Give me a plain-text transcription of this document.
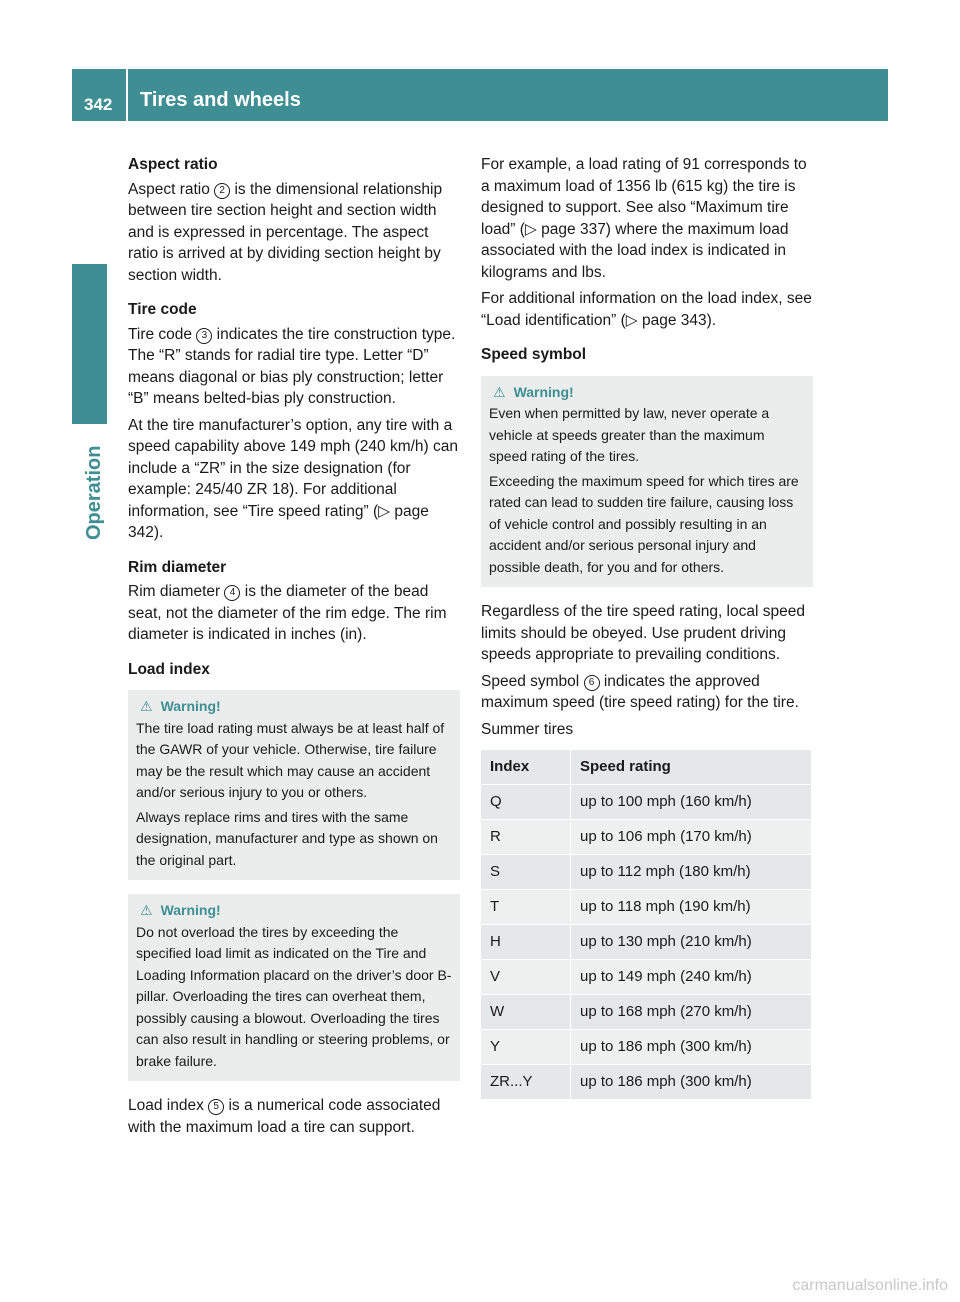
342 Tires and wheels
Operation

Aspect ratio

Aspect ratio 2 is the dimensional relationship between tire section height and section width and is expressed in percentage. The aspect ratio is arrived at by dividing section height by section width.

Tire code

Tire code 3 indicates the tire construction type. The “R” stands for radial tire type. Letter “D” means diagonal or bias ply construction; letter “B” means belted-bias ply construction.

At the tire manufacturer’s option, any tire with a speed capability above 149 mph (240 km/h) can include a “ZR” in the size designation (for example: 245/40 ZR 18). For additional information, see “Tire speed rating” (▷ page 342).

Rim diameter

Rim diameter 4 is the diameter of the bead seat, not the diameter of the rim edge. The rim diameter is indicated in inches (in).

Load index

⚠ Warning!

The tire load rating must always be at least half of the GAWR of your vehicle. Otherwise, tire failure may be the result which may cause an accident and/or serious injury to you or others.

Always replace rims and tires with the same designation, manufacturer and type as shown on the original part.

⚠ Warning!

Do not overload the tires by exceeding the specified load limit as indicated on the Tire and Loading Information placard on the driver’s door B-pillar. Overloading the tires can overheat them, possibly causing a blowout. Overloading the tires can also result in handling or steering problems, or brake failure.

Load index 5 is a numerical code associated with the maximum load a tire can support.

For example, a load rating of 91 corresponds to a maximum load of 1356 lb (615 kg) the tire is designed to support. See also “Maximum tire load” (▷ page 337) where the maximum load associated with the load index is indicated in kilograms and lbs.

For additional information on the load index, see “Load identification” (▷ page 343).

Speed symbol

⚠ Warning!

Even when permitted by law, never operate a vehicle at speeds greater than the maximum speed rating of the tires.

Exceeding the maximum speed for which tires are rated can lead to sudden tire failure, causing loss of vehicle control and possibly resulting in an accident and/or serious personal injury and possible death, for you and for others.

Regardless of the tire speed rating, local speed limits should be obeyed. Use prudent driving speeds appropriate to prevailing conditions.

Speed symbol 6 indicates the approved maximum speed (tire speed rating) for the tire.

Summer tires

Index	Speed rating
Q	up to 100 mph (160 km/h)
R	up to 106 mph (170 km/h)
S	up to 112 mph (180 km/h)
T	up to 118 mph (190 km/h)
H	up to 130 mph (210 km/h)
V	up to 149 mph (240 km/h)
W	up to 168 mph (270 km/h)
Y	up to 186 mph (300 km/h)
ZR...Y	up to 186 mph (300 km/h)
carmanualsonline.info
